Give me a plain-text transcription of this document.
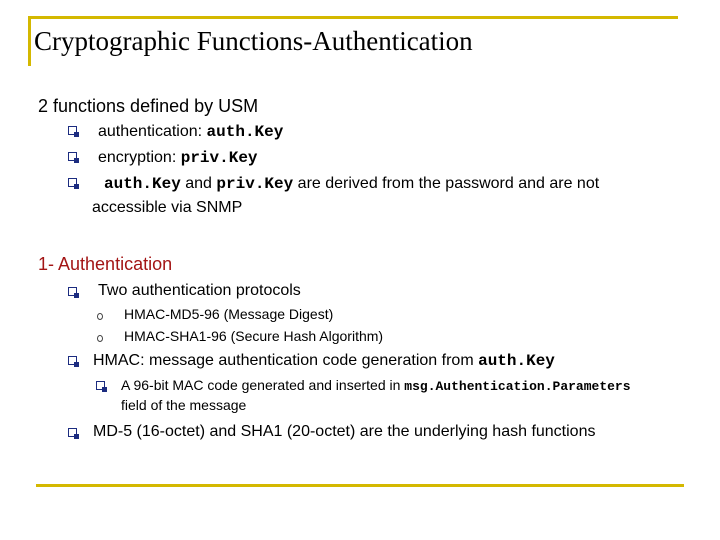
Cryptographic Functions-Authentication
2 functions defined by USM
authentication: auth.Key
encryption: priv.Key
auth.Key and priv.Key are derived from the password and are not
accessible via SNMP
1- Authentication
Two authentication protocols
HMAC-MD5-96 (Message Digest)
HMAC-SHA1-96 (Secure Hash Algorithm)
HMAC: message authentication code generation from auth.Key
A 96-bit MAC code generated and inserted in msg.Authentication.Parameters
field of the message
MD-5 (16-octet) and SHA1 (20-octet) are the underlying hash functions
